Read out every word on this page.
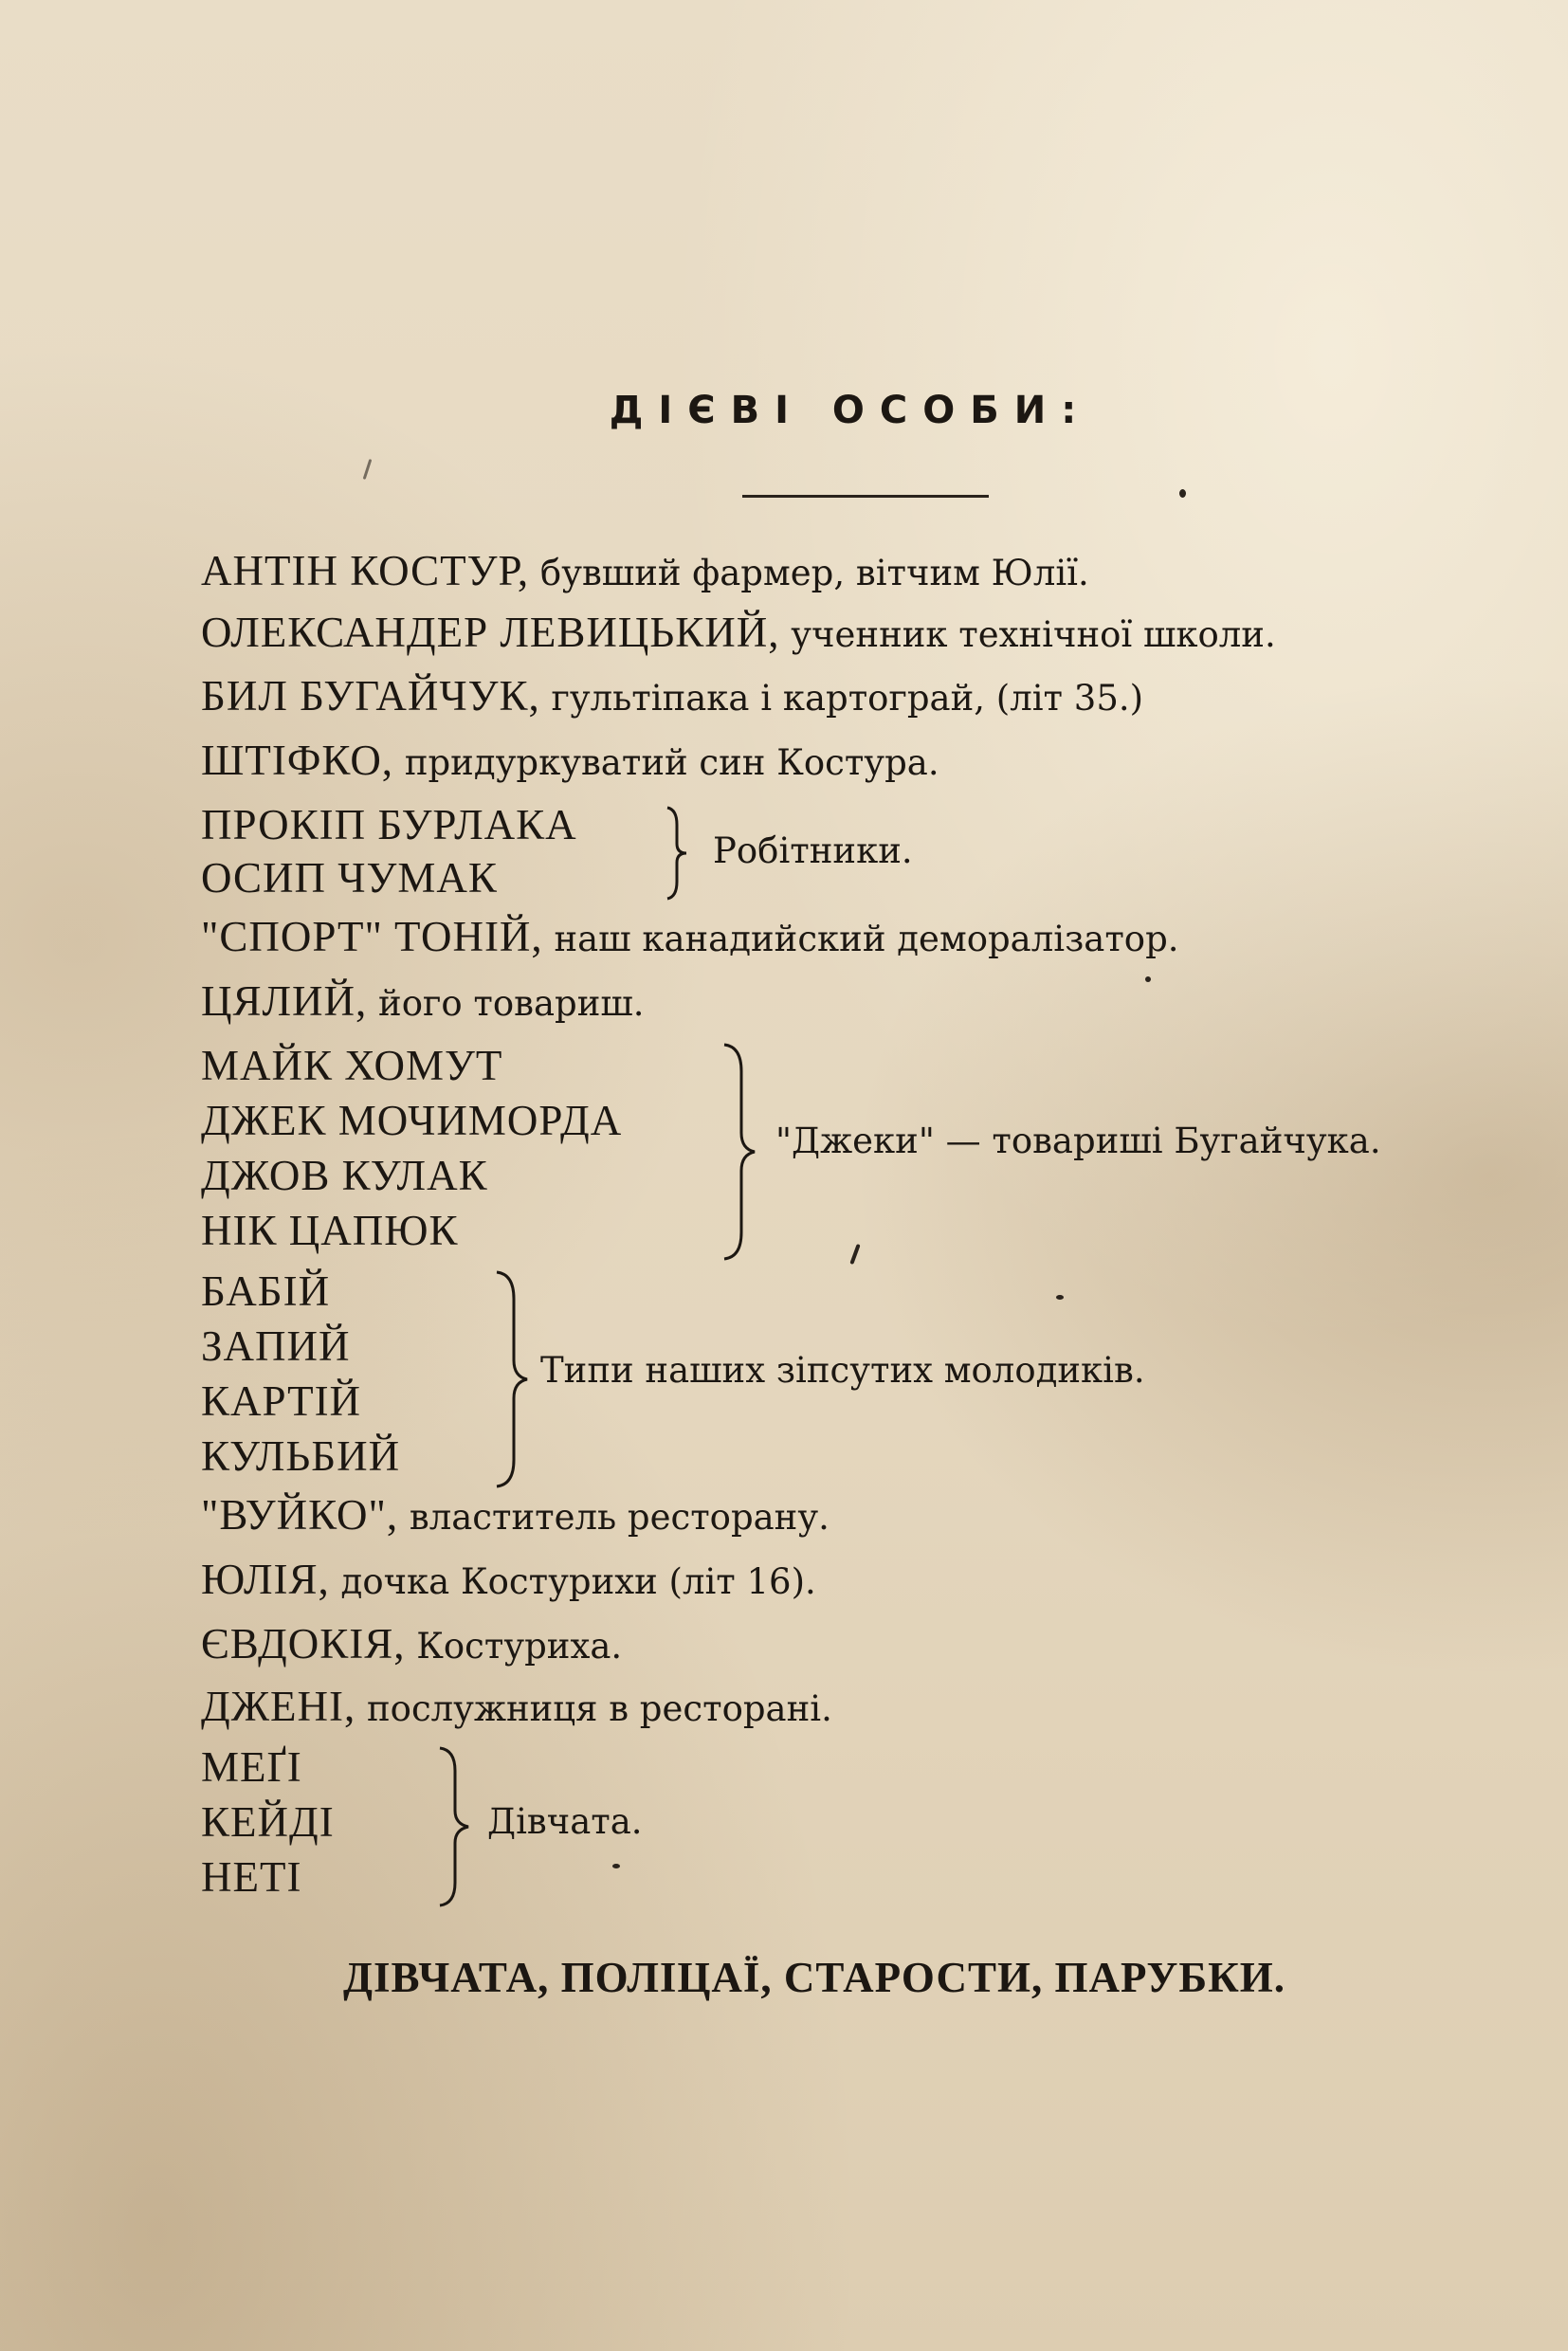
ДІЄВІ ОСОБИ:
АНТІН КОСТУР, бувший фармер, вітчим Юлії.
ОЛЕКСАНДЕР ЛЕВИЦЬКИЙ, ученник технічної школи.
БИЛ БУГАЙЧУК, гультіпака і картограй, (літ 35.)
ШТІФКО, придуркуватий син Костура.
ПРОКІП БУРЛАКА
ОСИП ЧУМАК
Робітники.
"СПОРТ" ТОНІЙ, наш канадийский деморалізатор.
ЦЯЛИЙ, його товариш.
МАЙК ХОМУТ
ДЖЕК МОЧИМОРДА
ДЖОВ КУЛАК
НІК ЦАПЮК
"Джеки" — товариші Бугайчука.
БАБІЙ
ЗАПИЙ
КАРТІЙ
КУЛЬБИЙ
Типи наших зіпсутих молодиків.
"ВУЙКО", властитель ресторану.
ЮЛІЯ, дочка Костурихи (літ 16).
ЄВДОКІЯ, Костуриха.
ДЖЕНІ, послужниця в ресторані.
МЕҐІ
КЕЙДІ
НЕТІ
Дівчата.
ДІВЧАТА, ПОЛІЦАЇ, СТАРОСТИ, ПАРУБКИ.
